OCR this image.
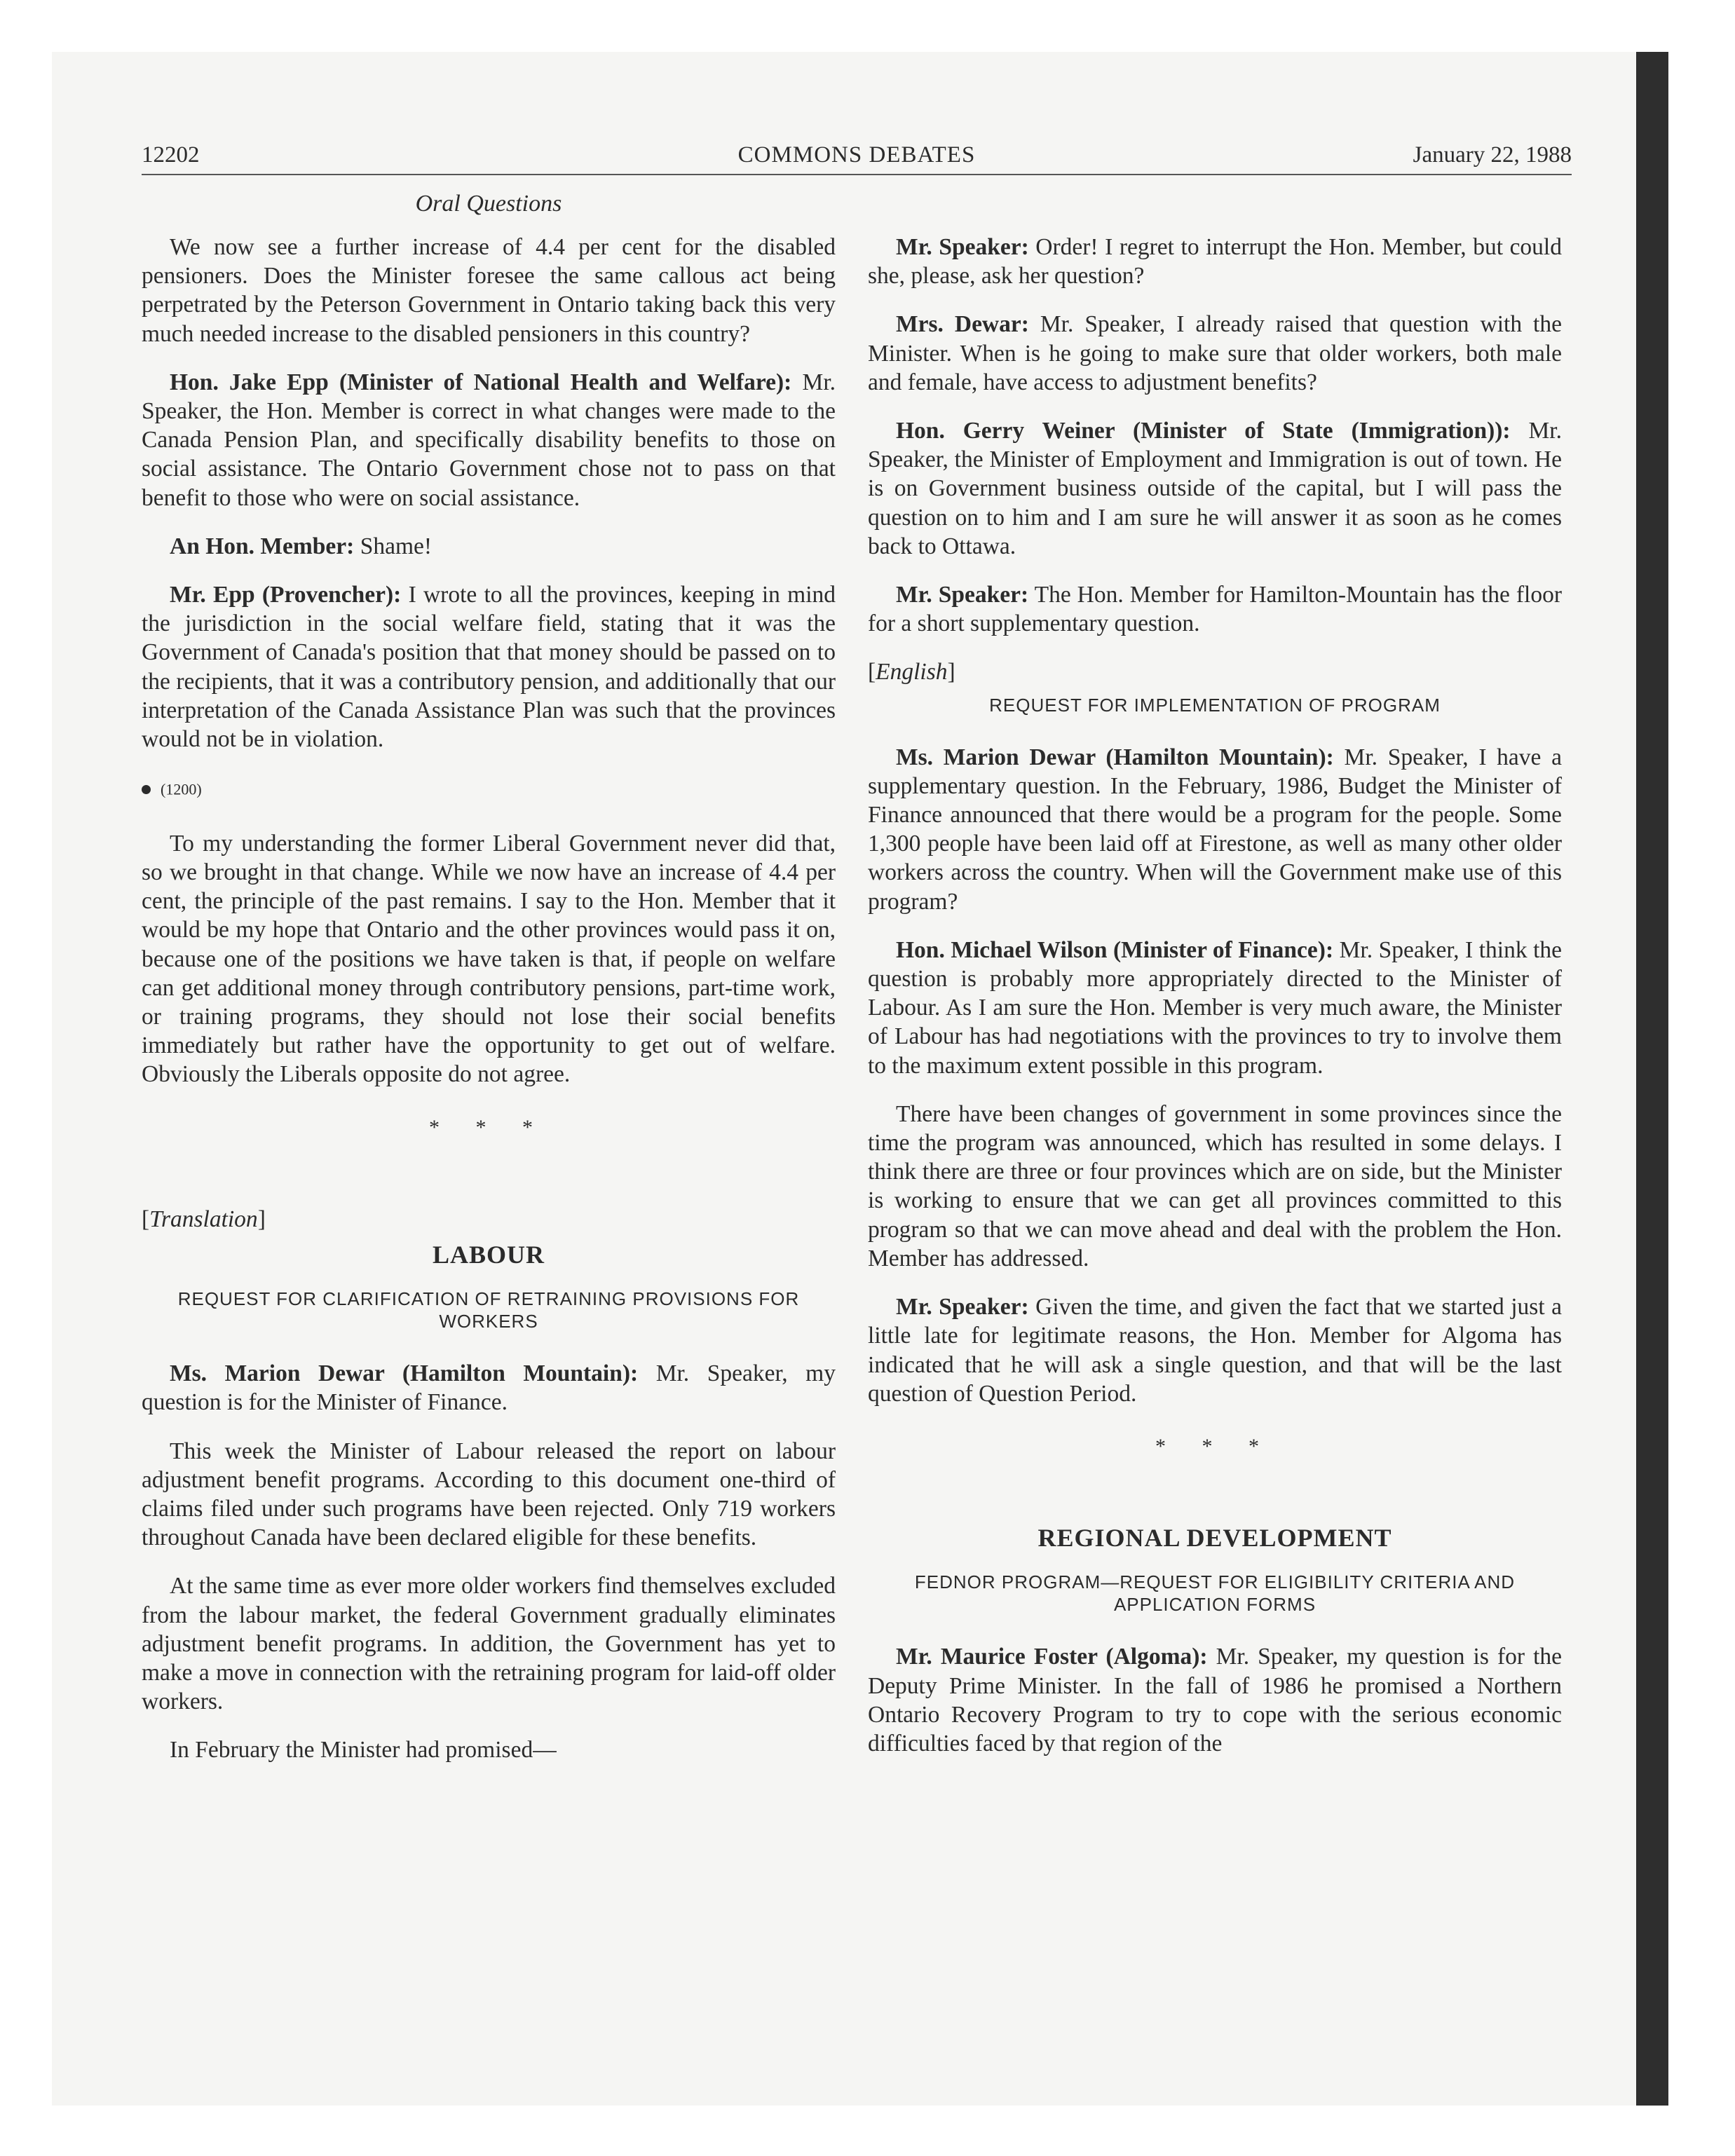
12202	COMMONS DEBATES	January 22, 1988
Oral Questions

We now see a further increase of 4.4 per cent for the disabled pensioners. Does the Minister foresee the same callous act being perpetrated by the Peterson Government in Ontario taking back this very much needed increase to the disabled pensioners in this country?

Hon. Jake Epp (Minister of National Health and Welfare): Mr. Speaker, the Hon. Member is correct in what changes were made to the Canada Pension Plan, and specifically disability benefits to those on social assistance. The Ontario Government chose not to pass on that benefit to those who were on social assistance.

An Hon. Member: Shame!

Mr. Epp (Provencher): I wrote to all the provinces, keeping in mind the jurisdiction in the social welfare field, stating that it was the Government of Canada's position that that money should be passed on to the recipients, that it was a contributory pension, and additionally that our interpretation of the Canada Assistance Plan was such that the provinces would not be in violation.

(1200)

To my understanding the former Liberal Government never did that, so we brought in that change. While we now have an increase of 4.4 per cent, the principle of the past remains. I say to the Hon. Member that it would be my hope that Ontario and the other provinces would pass it on, because one of the positions we have taken is that, if people on welfare can get additional money through contributory pensions, part-time work, or training programs, they should not lose their social benefits immediately but rather have the opportunity to get out of welfare. Obviously the Liberals opposite do not agree.

* * *

[Translation]

LABOUR

REQUEST FOR CLARIFICATION OF RETRAINING PROVISIONS FOR WORKERS

Ms. Marion Dewar (Hamilton Mountain): Mr. Speaker, my question is for the Minister of Finance.

This week the Minister of Labour released the report on labour adjustment benefit programs. According to this document one-third of claims filed under such programs have been rejected. Only 719 workers throughout Canada have been declared eligible for these benefits.

At the same time as ever more older workers find themselves excluded from the labour market, the federal Government gradually eliminates adjustment benefit programs. In addition, the Government has yet to make a move in connection with the retraining program for laid-off older workers.

In February the Minister had promised—

Mr. Speaker: Order! I regret to interrupt the Hon. Member, but could she, please, ask her question?

Mrs. Dewar: Mr. Speaker, I already raised that question with the Minister. When is he going to make sure that older workers, both male and female, have access to adjustment benefits?

Hon. Gerry Weiner (Minister of State (Immigration)): Mr. Speaker, the Minister of Employment and Immigration is out of town. He is on Government business outside of the capital, but I will pass the question on to him and I am sure he will answer it as soon as he comes back to Ottawa.

Mr. Speaker: The Hon. Member for Hamilton-Mountain has the floor for a short supplementary question.

[English]

REQUEST FOR IMPLEMENTATION OF PROGRAM

Ms. Marion Dewar (Hamilton Mountain): Mr. Speaker, I have a supplementary question. In the February, 1986, Budget the Minister of Finance announced that there would be a program for the people. Some 1,300 people have been laid off at Firestone, as well as many other older workers across the country. When will the Government make use of this program?

Hon. Michael Wilson (Minister of Finance): Mr. Speaker, I think the question is probably more appropriately directed to the Minister of Labour. As I am sure the Hon. Member is very much aware, the Minister of Labour has had negotiations with the provinces to try to involve them to the maximum extent possible in this program.

There have been changes of government in some provinces since the time the program was announced, which has resulted in some delays. I think there are three or four provinces which are on side, but the Minister is working to ensure that we can get all provinces committed to this program so that we can move ahead and deal with the problem the Hon. Member has addressed.

Mr. Speaker: Given the time, and given the fact that we started just a little late for legitimate reasons, the Hon. Member for Algoma has indicated that he will ask a single question, and that will be the last question of Question Period.

* * *

REGIONAL DEVELOPMENT

FEDNOR PROGRAM—REQUEST FOR ELIGIBILITY CRITERIA AND APPLICATION FORMS

Mr. Maurice Foster (Algoma): Mr. Speaker, my question is for the Deputy Prime Minister. In the fall of 1986 he promised a Northern Ontario Recovery Program to try to cope with the serious economic difficulties faced by that region of the
